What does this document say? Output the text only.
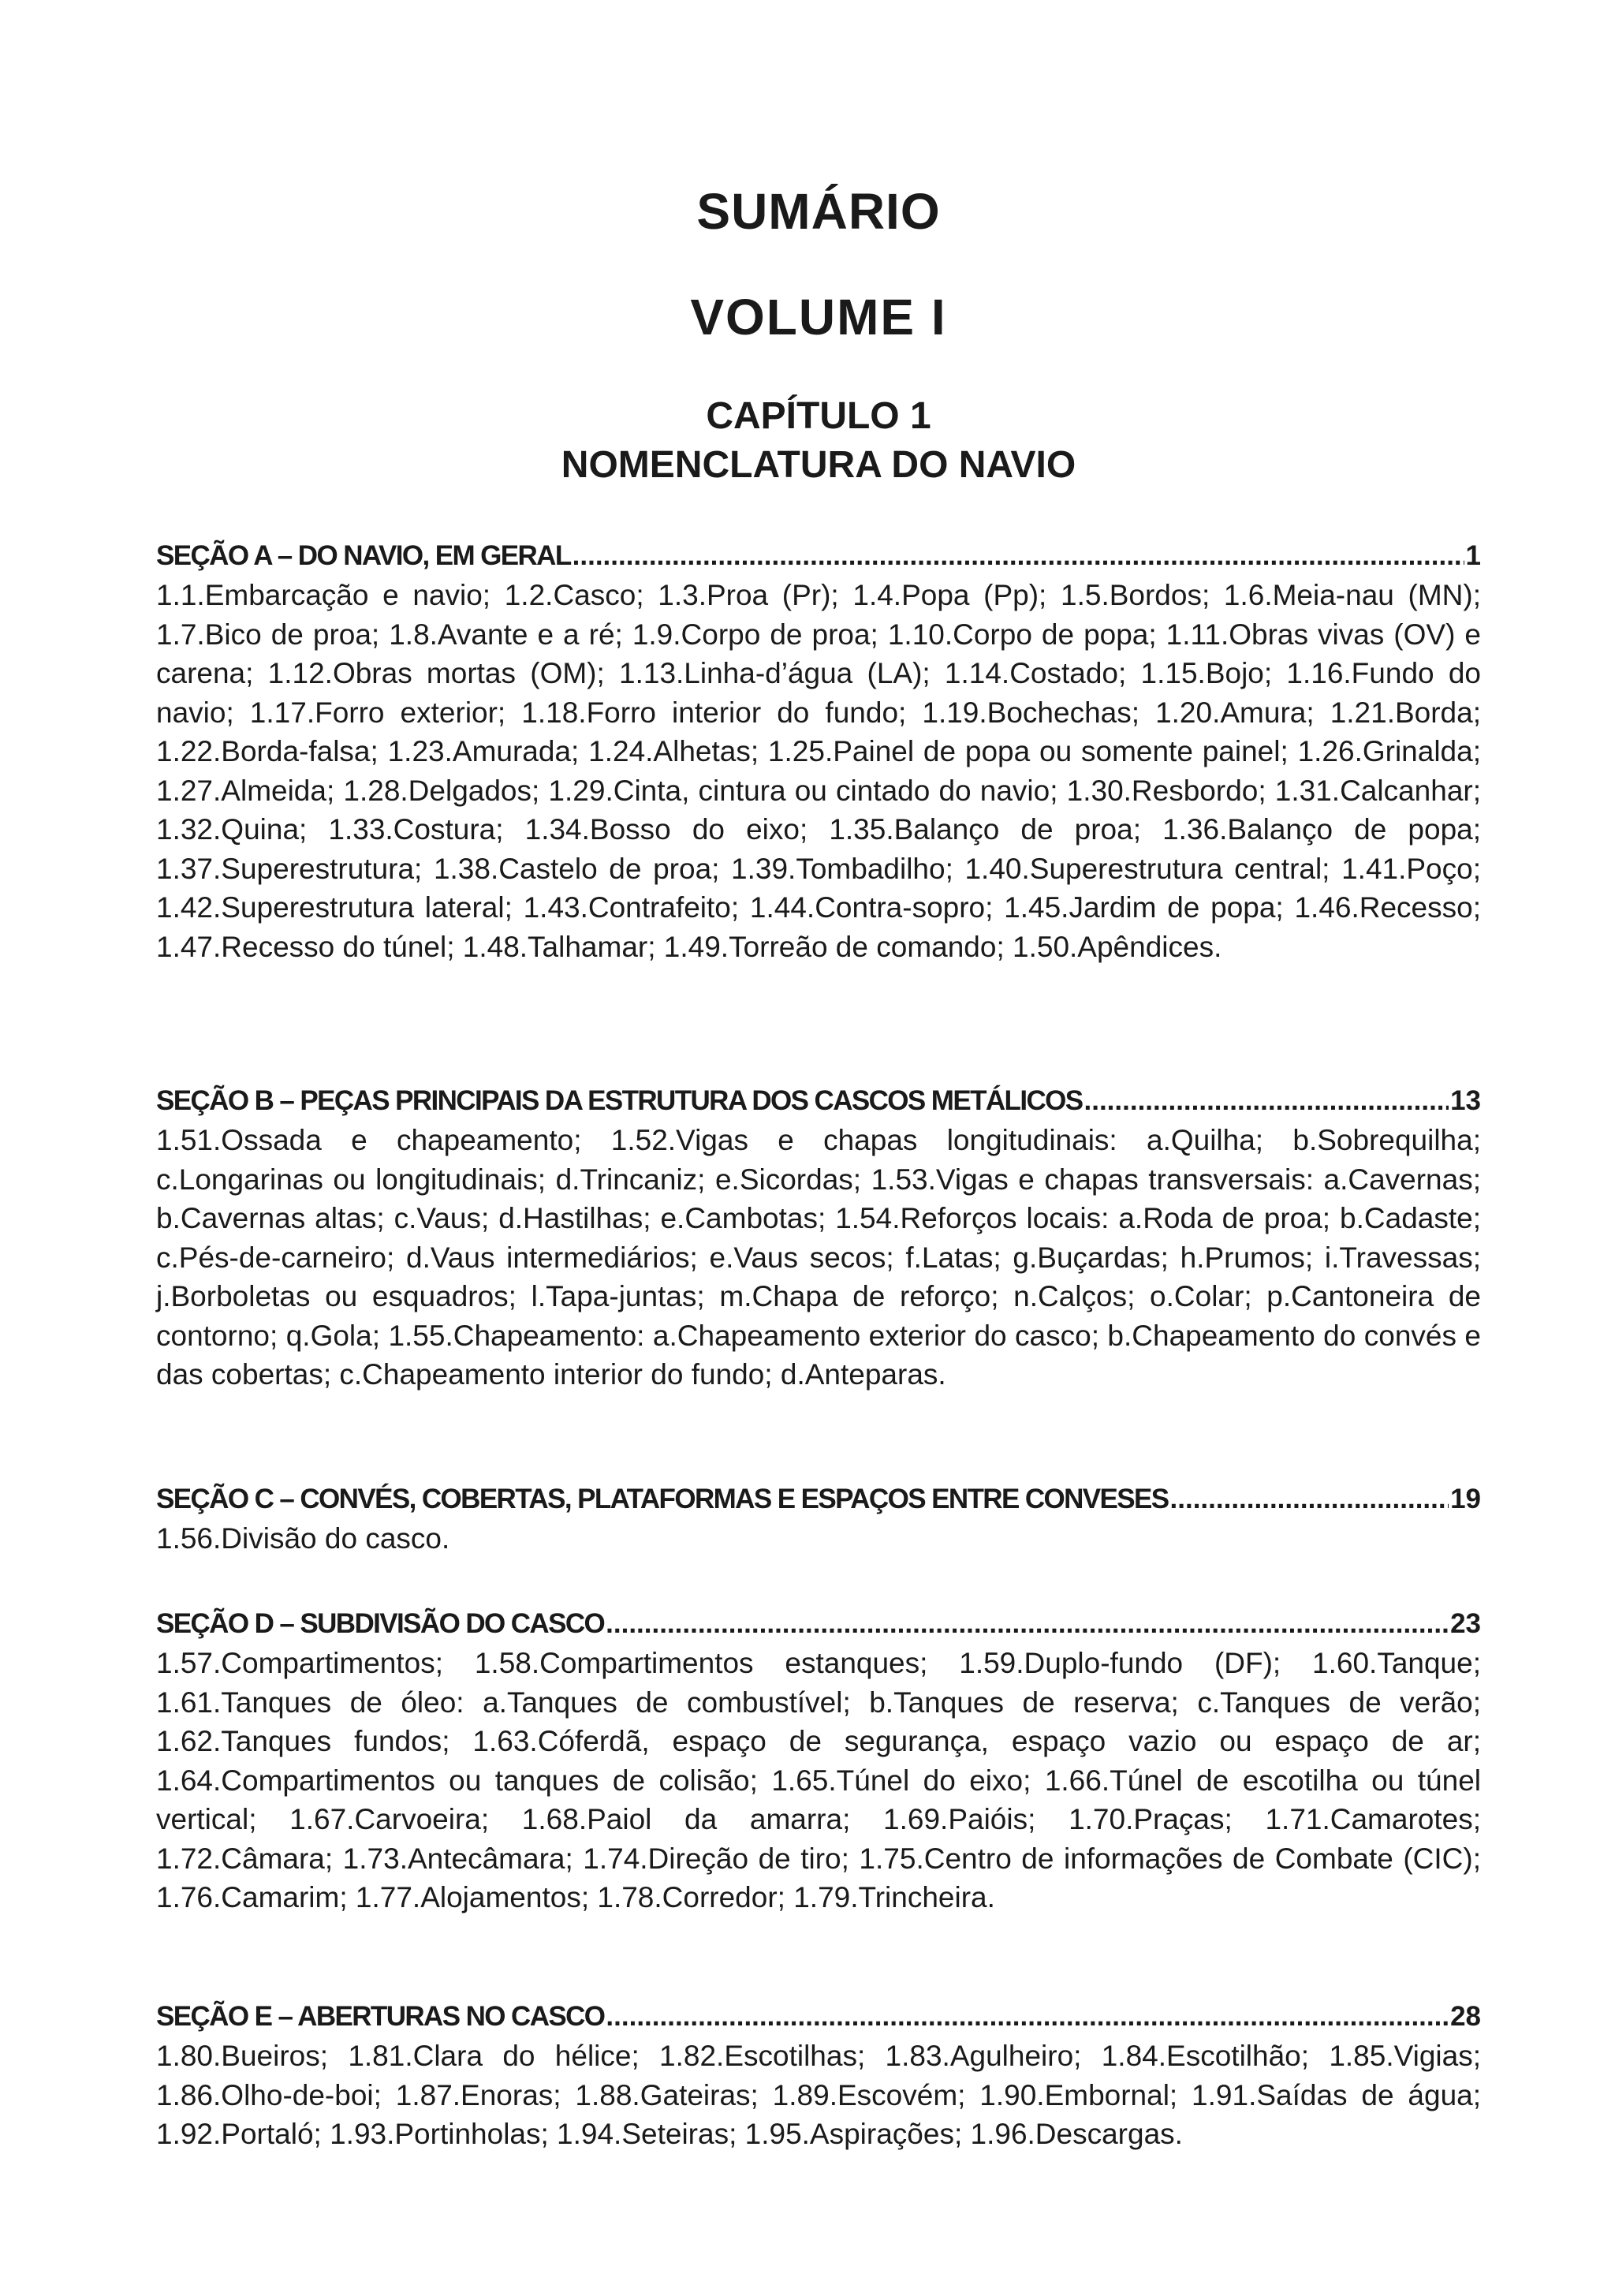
SUMÁRIO
VOLUME I
CAPÍTULO 1
NOMENCLATURA DO NAVIO
SEÇÃO A – DO NAVIO, EM GERAL .....	1

1.1.Embarcação e navio; 1.2.Casco; 1.3.Proa (Pr); 1.4.Popa (Pp); 1.5.Bordos; 1.6.Meia-nau (MN); 1.7.Bico de proa; 1.8.Avante e a ré; 1.9.Corpo de proa; 1.10.Corpo de popa; 1.11.Obras vivas (OV) e carena; 1.12.Obras mortas (OM); 1.13.Linha-d’água (LA); 1.14.Costado; 1.15.Bojo; 1.16.Fundo do navio; 1.17.Forro exterior; 1.18.Forro interior do fundo; 1.19.Bochechas; 1.20.Amura; 1.21.Borda; 1.22.Borda-falsa; 1.23.Amurada; 1.24.Alhetas; 1.25.Painel de popa ou somente painel; 1.26.Grinalda; 1.27.Almeida; 1.28.Delgados; 1.29.Cinta, cintura ou cintado do navio; 1.30.Resbordo; 1.31.Calcanhar; 1.32.Quina; 1.33.Costura; 1.34.Bosso do eixo; 1.35.Balanço de proa; 1.36.Balanço de popa; 1.37.Superestrutura; 1.38.Castelo de proa; 1.39.Tombadilho; 1.40.Superestrutura central; 1.41.Poço; 1.42.Superestrutura lateral; 1.43.Contrafeito; 1.44.Contra-sopro; 1.45.Jardim de popa; 1.46.Recesso; 1.47.Recesso do túnel; 1.48.Talhamar; 1.49.Torreão de comando; 1.50.Apêndices.

SEÇÃO B – PEÇAS PRINCIPAIS DA ESTRUTURA DOS CASCOS METÁLICOS .....	13

1.51.Ossada e chapeamento; 1.52.Vigas e chapas longitudinais: a.Quilha; b.Sobrequilha; c.Longarinas ou longitudinais; d.Trincaniz; e.Sicordas; 1.53.Vigas e chapas transversais: a.Cavernas; b.Cavernas altas; c.Vaus; d.Hastilhas; e.Cambotas; 1.54.Reforços locais: a.Roda de proa; b.Cadaste; c.Pés-de-carneiro; d.Vaus intermediários; e.Vaus secos; f.Latas; g.Buçardas; h.Prumos; i.Travessas; j.Borboletas ou esquadros; l.Tapa-juntas; m.Chapa de reforço; n.Calços; o.Colar; p.Cantoneira de contorno; q.Gola; 1.55.Chapeamento: a.Chapeamento exterior do casco; b.Chapeamento do convés e das cobertas; c.Chapeamento interior do fundo; d.Anteparas.

SEÇÃO C – CONVÉS, COBERTAS, PLATAFORMAS E ESPAÇOS ENTRE CONVESES .....	19

1.56.Divisão do casco.

SEÇÃO D – SUBDIVISÃO DO CASCO .....	23

1.57.Compartimentos; 1.58.Compartimentos estanques; 1.59.Duplo-fundo (DF); 1.60.Tanque; 1.61.Tanques de óleo: a.Tanques de combustível; b.Tanques de reserva; c.Tanques de verão; 1.62.Tanques fundos; 1.63.Cóferdã, espaço de segurança, espaço vazio ou espaço de ar; 1.64.Compartimentos ou tanques de colisão; 1.65.Túnel do eixo; 1.66.Túnel de escotilha ou túnel vertical; 1.67.Carvoeira; 1.68.Paiol da amarra; 1.69.Paióis; 1.70.Praças; 1.71.Camarotes; 1.72.Câmara; 1.73.Antecâmara; 1.74.Direção de tiro; 1.75.Centro de informações de Combate (CIC); 1.76.Camarim; 1.77.Alojamentos; 1.78.Corredor; 1.79.Trincheira.

SEÇÃO E – ABERTURAS NO CASCO .....	28

1.80.Bueiros; 1.81.Clara do hélice; 1.82.Escotilhas; 1.83.Agulheiro; 1.84.Escotilhão; 1.85.Vigias; 1.86.Olho-de-boi; 1.87.Enoras; 1.88.Gateiras; 1.89.Escovém; 1.90.Embornal; 1.91.Saídas de água; 1.92.Portaló; 1.93.Portinholas; 1.94.Seteiras; 1.95.Aspirações; 1.96.Descargas.
